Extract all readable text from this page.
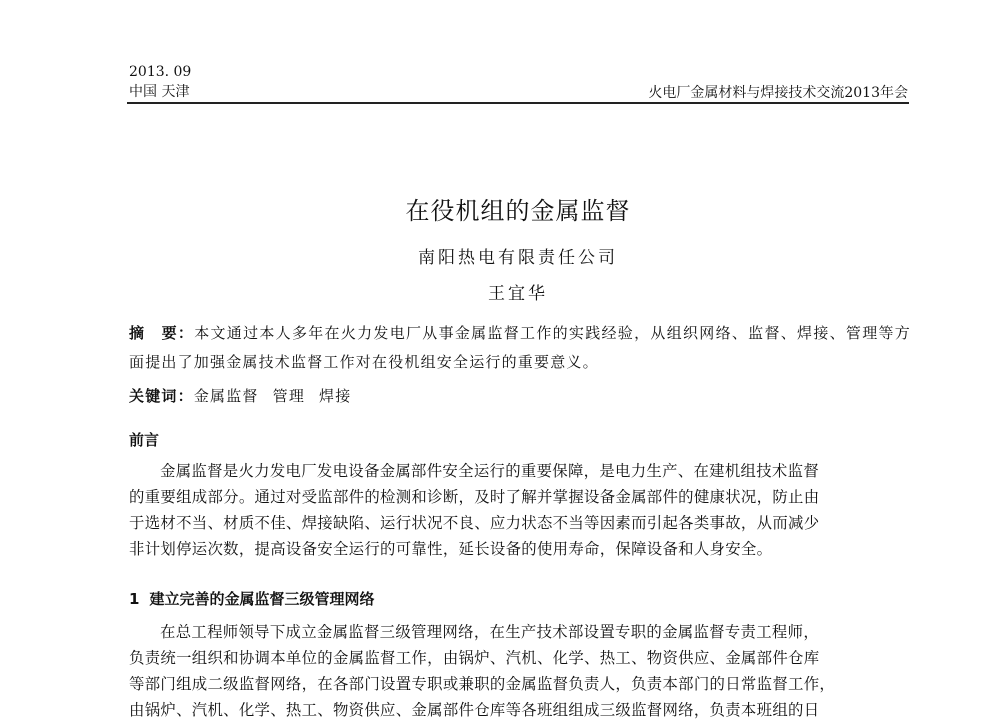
2013. 09
中国 天津	火电厂金属材料与焊接技术交流2013年会
在役机组的金属监督
南阳热电有限责任公司
王宜华
摘　要：本文通过本人多年在火力发电厂从事金属监督工作的实践经验，从组织网络、监督、焊接、管理等方面提出了加强金属技术监督工作对在役机组安全运行的重要意义。
关键词：金属监督 管理 焊接
前言
金属监督是火力发电厂发电设备金属部件安全运行的重要保障，是电力生产、在建机组技术监督
的重要组成部分。通过对受监部件的检测和诊断，及时了解并掌握设备金属部件的健康状况，防止由
于选材不当、材质不佳、焊接缺陷、运行状况不良、应力状态不当等因素而引起各类事故，从而减少
非计划停运次数，提高设备安全运行的可靠性，延长设备的使用寿命，保障设备和人身安全。
1 建立完善的金属监督三级管理网络
在总工程师领导下成立金属监督三级管理网络，在生产技术部设置专职的金属监督专责工程师，
负责统一组织和协调本单位的金属监督工作，由锅炉、汽机、化学、热工、物资供应、金属部件仓库
等部门组成二级监督网络，在各部门设置专职或兼职的金属监督负责人，负责本部门的日常监督工作，
由锅炉、汽机、化学、热工、物资供应、金属部件仓库等各班组组成三级监督网络，负责本班组的日
